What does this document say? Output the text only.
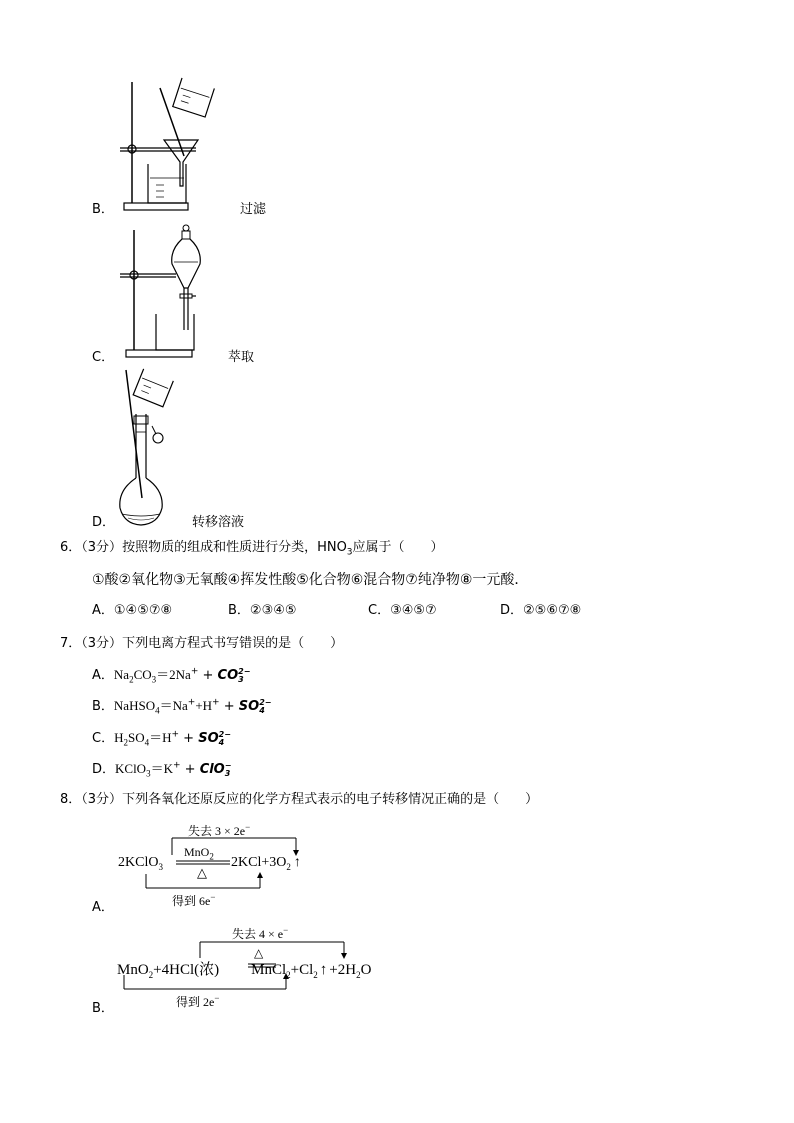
B．	过滤
C．	萃取
D．	转移溶液
6．（3分）按照物质的组成和性质进行分类，$HNO_3$应属于（　　）
①酸②氧化物③无氧酸④挥发性酸⑤化合物⑥混合物⑦纯净物⑧一元酸．
A．①④⑤⑦⑧	B．②③④⑤	C．③④⑤⑦	D．②⑤⑥⑦⑧
7．（3分）下列电离方程式书写错误的是（　　）
A．$Na_2CO_3=2Na^+$ + CO 2−
3
B．NaHSO$_4$＝Na++H+ + SO 2−
4
C．$H_2SO_4=H^+$ + SO 2−
4
D．KClO$_3$＝K+ + ClO −
3
8．（3分）下列各氧化还原反应的化学方程式表示的电子转移情况正确的是（　　）
失去 3 × 2e−
MnO$_2$
△
2KClO$_3$	$2KCl+3O_2$ ↑
得到 6e−
A．
失去 4 × e−
△
MnO$_2$+4HCl(浓) $MnCl_2+Cl_2$ ↑ $+2H_2O$
得到 2e−
B．
